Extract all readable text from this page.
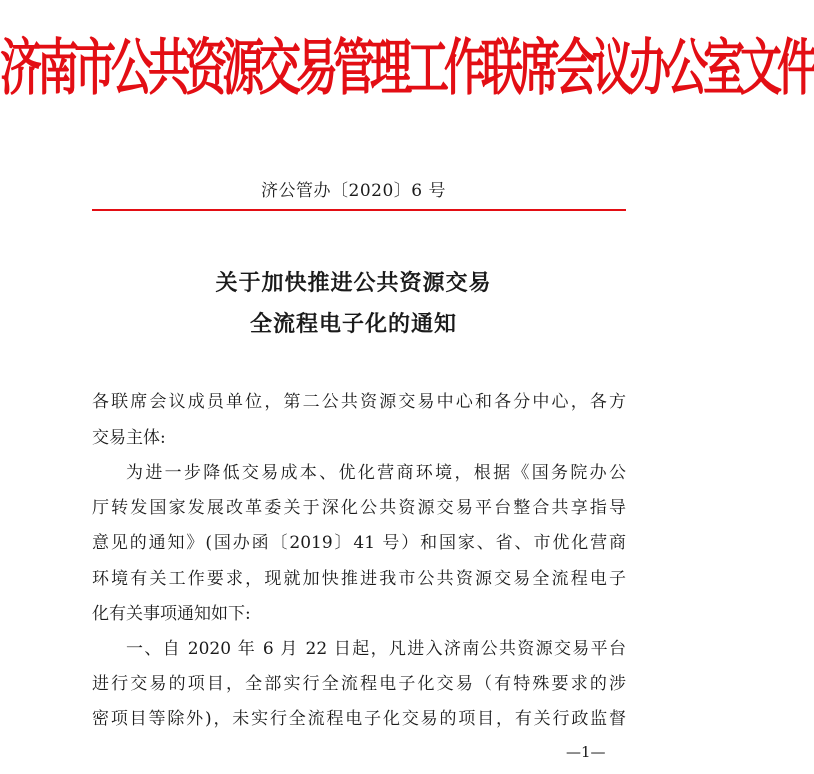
济南市公共资源交易管理工作联席会议办公室文件
济公管办〔2020〕6 号
关于加快推进公共资源交易
全流程电子化的通知
各联席会议成员单位，第二公共资源交易中心和各分中心，各方
交易主体:
为进一步降低交易成本、优化营商环境，根据《国务院办公
厅转发国家发展改革委关于深化公共资源交易平台整合共享指导
意见的通知》(国办函〔2019〕41 号）和国家、省、市优化营商
环境有关工作要求，现就加快推进我市公共资源交易全流程电子
化有关事项通知如下:
一、自 2020 年 6 月 22 日起，凡进入济南公共资源交易平台
进行交易的项目，全部实行全流程电子化交易（有特殊要求的涉
密项目等除外)，未实行全流程电子化交易的项目，有关行政监督
—1—
